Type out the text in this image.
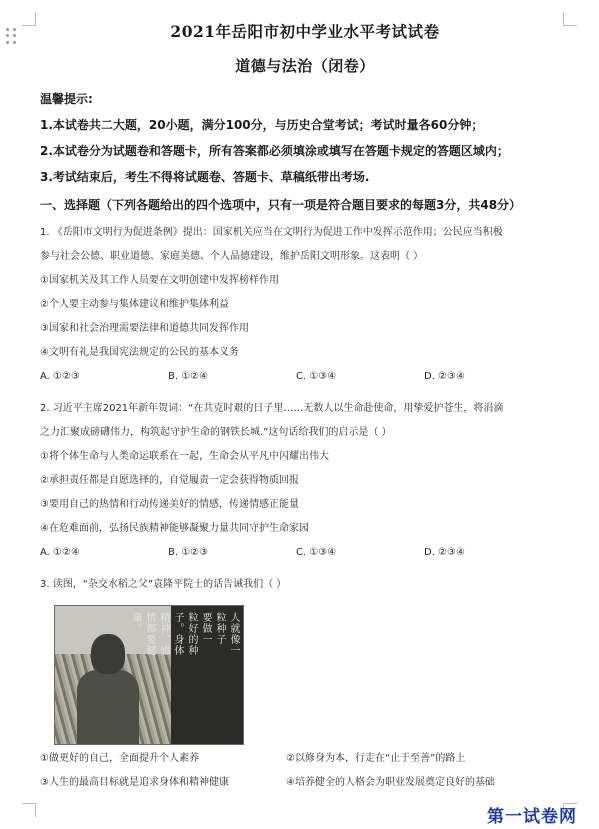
2021年岳阳市初中学业水平考试试卷
道德与法治（闭卷）
温馨提示:
1.本试卷共二大题，20小题，满分100分，与历史合堂考试；考试时量各60分钟；
2.本试卷分为试题卷和答题卡，所有答案都必须填涂或填写在答题卡规定的答题区域内；
3.考试结束后，考生不得将试题卷、答题卡、草稿纸带出考场.
一、选择题（下列各题给出的四个选项中，只有一项是符合题目要求的每题3分，共48分）
1. 《岳阳市文明行为促进条例》提出：国家机关应当在文明行为促进工作中发挥示范作用；公民应当积极
参与社会公德、职业道德、家庭美德、个人品德建设，维护岳阳文明形象。这表明（ ）
①国家机关及其工作人员要在文明创建中发挥榜样作用
②个人要主动参与集体建议和维护集体利益
③国家和社会治理需要法律和道德共同发挥作用
④文明有礼是我国宪法规定的公民的基本义务
A. ①②③	B. ①②④	C. ①③④	D. ②③④
2. 习近平主席2021年新年贺词：“在共克时艰的日子里……无数人以生命赴使命，用挚爱护苍生，将涓滴
之力汇聚成磅礴伟力，构筑起守护生命的钢铁长城.”这句话给我们的启示是（ ）
①将个体生命与人类命运联系在一起，生命会从平凡中闪耀出伟大
②承担责任都是自愿选择的，自觉履责一定会获得物质回报
③要用自己的热情和行动传递美好的情感，传递情感正能量
④在危难面前，弘扬民族精神能够凝聚力量共同守护生命家园
A. ①②④	B. ①②③	C. ①③④	D. ②③④
3. 读图，“杂交水稻之父”袁隆平院士的话告诫我们（ ）
人就像一
粒种子
要做一
粒好的种
子。身体
精神、感
情都要健
康。
①做更好的自己，全面提升个人素养	②以修身为本，行走在“止于至善”的路上
③人生的最高目标就是追求身体和精神健康	④培养健全的人格会为职业发展奠定良好的基础
第一试卷网
